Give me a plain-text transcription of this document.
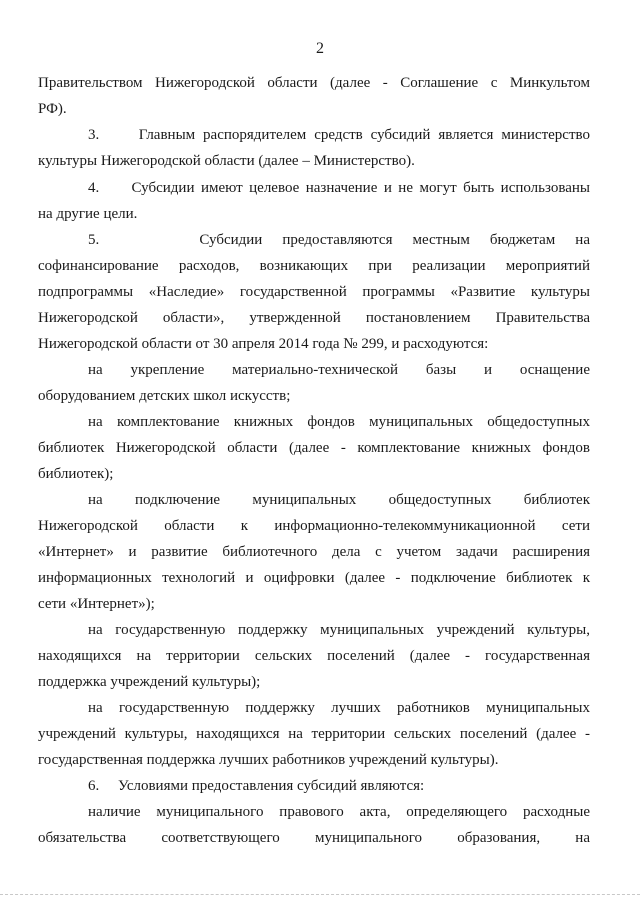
2
Правительством Нижегородской области (далее - Соглашение с Минкультом
РФ).
3.     Главным распорядителем средств субсидий является министерство
культуры Нижегородской области (далее – Министерство).
4.     Субсидии имеют целевое назначение и не могут быть использованы
на другие цели.
5.     Субсидии предоставляются местным бюджетам на
софинансирование расходов, возникающих при реализации мероприятий
подпрограммы «Наследие» государственной программы «Развитие культуры
Нижегородской области», утвержденной постановлением Правительства
Нижегородской области от 30 апреля 2014 года № 299, и расходуются:
на укрепление материально-технической базы и оснащение
оборудованием детских школ искусств;
на комплектование книжных фондов муниципальных общедоступных
библиотек Нижегородской области (далее - комплектование книжных фондов
библиотек);
на подключение муниципальных общедоступных библиотек
Нижегородской области к информационно-телекоммуникационной сети
«Интернет» и развитие библиотечного дела с учетом задачи расширения
информационных технологий и оцифровки (далее - подключение библиотек к
сети «Интернет»);
на государственную поддержку муниципальных учреждений культуры,
находящихся на территории сельских поселений (далее - государственная
поддержка учреждений культуры);
на государственную поддержку лучших работников муниципальных
учреждений культуры, находящихся на территории сельских поселений (далее -
государственная поддержка лучших работников учреждений культуры).
6.     Условиями предоставления субсидий являются:
наличие муниципального правового акта, определяющего расходные
обязательства соответствующего муниципального образования, на
